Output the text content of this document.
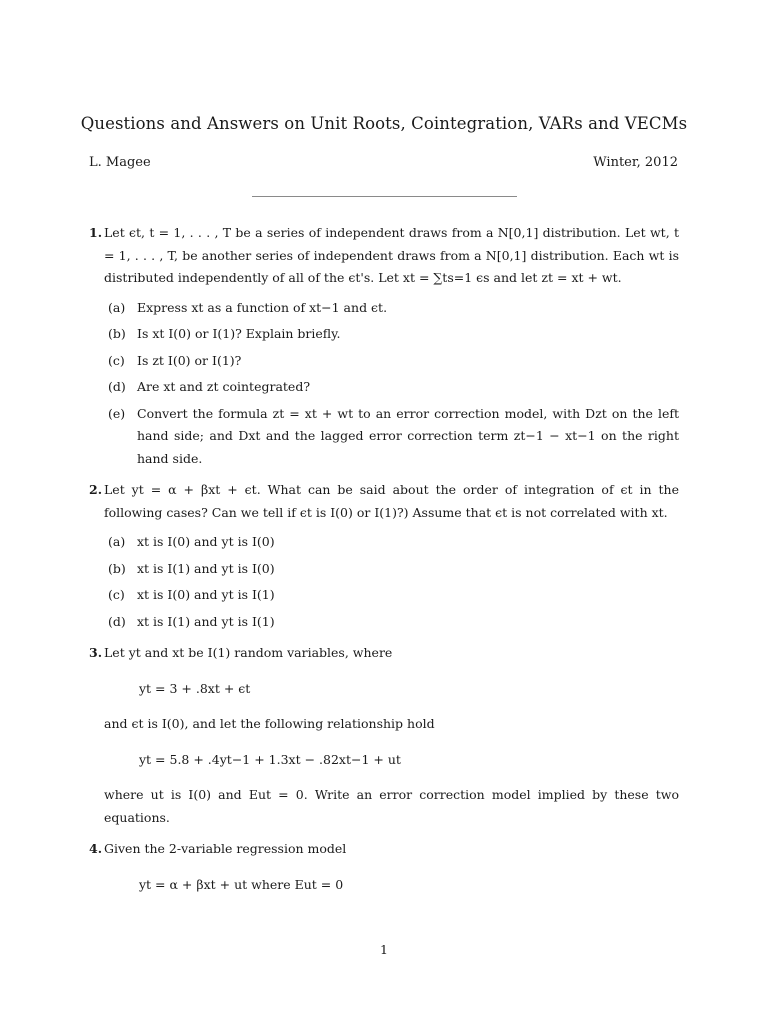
Questions and Answers on Unit Roots, Cointegration, VARs and VECMs
L. Magee	Winter, 2012
1. Let ϵt, t = 1, . . . , T be a series of independent draws from a N[0,1] distribution. Let wt, t = 1, . . . , T, be another series of independent draws from a N[0,1] distribution. Each wt is distributed independently of all of the ϵt's. Let xt = ∑ts=1 ϵs and let zt = xt + wt.
(a) Express xt as a function of xt−1 and ϵt.
(b) Is xt I(0) or I(1)? Explain briefly.
(c) Is zt I(0) or I(1)?
(d) Are xt and zt cointegrated?
(e) Convert the formula zt = xt + wt to an error correction model, with Dzt on the left hand side; and Dxt and the lagged error correction term zt−1 − xt−1 on the right hand side.
2. Let yt = α + βxt + ϵt. What can be said about the order of integration of ϵt in the following cases? Can we tell if ϵt is I(0) or I(1)?) Assume that ϵt is not correlated with xt.
(a) xt is I(0) and yt is I(0)
(b) xt is I(1) and yt is I(0)
(c) xt is I(0) and yt is I(1)
(d) xt is I(1) and yt is I(1)
3. Let yt and xt be I(1) random variables, where
yt = 3 + .8xt + ϵt
and ϵt is I(0), and let the following relationship hold
yt = 5.8 + .4yt−1 + 1.3xt − .82xt−1 + ut
where ut is I(0) and Eut = 0. Write an error correction model implied by these two equations.
4. Given the 2-variable regression model
yt = α + βxt + ut where Eut = 0
1
